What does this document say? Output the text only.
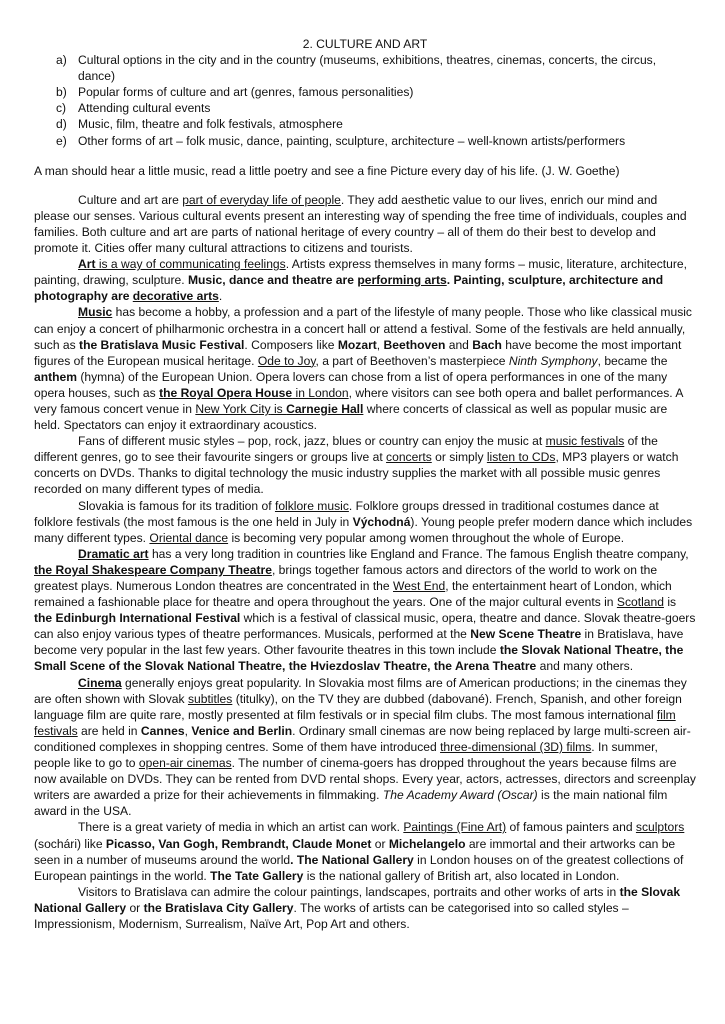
2. CULTURE AND ART
a) Cultural options in the city and in the country (museums, exhibitions, theatres, cinemas, concerts, the circus, dance)
b) Popular forms of culture and art (genres, famous personalities)
c) Attending cultural events
d) Music, film, theatre and folk festivals, atmosphere
e) Other forms of art – folk music, dance, painting, sculpture, architecture – well-known artists/performers
A man should hear a little music, read a little poetry and see a fine Picture every day of his life. (J. W. Goethe)

Culture and art are part of everyday life of people. They add aesthetic value to our lives, enrich our mind and please our senses. Various cultural events present an interesting way of spending the free time of individuals, couples and families. Both culture and art are parts of national heritage of every country – all of them do their best to develop and promote it. Cities offer many cultural attractions to citizens and tourists.

Art is a way of communicating feelings. Artists express themselves in many forms – music, literature, architecture, painting, drawing, sculpture. Music, dance and theatre are performing arts. Painting, sculpture, architecture and photography are decorative arts.

Music has become a hobby, a profession and a part of the lifestyle of many people. Those who like classical music can enjoy a concert of philharmonic orchestra in a concert hall or attend a festival. Some of the festivals are held annually, such as the Bratislava Music Festival. Composers like Mozart, Beethoven and Bach have become the most important figures of the European musical heritage. Ode to Joy, a part of Beethoven’s masterpiece Ninth Symphony, became the anthem (hymna) of the European Union. Opera lovers can chose from a list of opera performances in one of the many opera houses, such as the Royal Opera House in London, where visitors can see both opera and ballet performances. A very famous concert venue in New York City is Carnegie Hall where concerts of classical as well as popular music are held. Spectators can enjoy it extraordinary acoustics.

Fans of different music styles – pop, rock, jazz, blues or country can enjoy the music at music festivals of the different genres, go to see their favourite singers or groups live at concerts or simply listen to CDs, MP3 players or watch concerts on DVDs. Thanks to digital technology the music industry supplies the market with all possible music genres recorded on many different types of media.

Slovakia is famous for its tradition of folklore music. Folklore groups dressed in traditional costumes dance at folklore festivals (the most famous is the one held in July in Východná). Young people prefer modern dance which includes many different types. Oriental dance is becoming very popular among women throughout the whole of Europe.

Dramatic art has a very long tradition in countries like England and France. The famous English theatre company, the Royal Shakespeare Company Theatre, brings together famous actors and directors of the world to work on the greatest plays. Numerous London theatres are concentrated in the West End, the entertainment heart of London, which remained a fashionable place for theatre and opera throughout the years. One of the major cultural events in Scotland is the Edinburgh International Festival which is a festival of classical music, opera, theatre and dance. Slovak theatre-goers can also enjoy various types of theatre performances. Musicals, performed at the New Scene Theatre in Bratislava, have become very popular in the last few years. Other favourite theatres in this town include the Slovak National Theatre, the Small Scene of the Slovak National Theatre, the Hviezdoslav Theatre, the Arena Theatre and many others.

Cinema generally enjoys great popularity. In Slovakia most films are of American productions; in the cinemas they are often shown with Slovak subtitles (titulky), on the TV they are dubbed (dabované). French, Spanish, and other foreign language film are quite rare, mostly presented at film festivals or in special film clubs. The most famous international film festivals are held in Cannes, Venice and Berlin. Ordinary small cinemas are now being replaced by large multi-screen air-conditioned complexes in shopping centres. Some of them have introduced three-dimensional (3D) films. In summer, people like to go to open-air cinemas. The number of cinema-goers has dropped throughout the years because films are now available on DVDs. They can be rented from DVD rental shops. Every year, actors, actresses, directors and screenplay writers are awarded a prize for their achievements in filmmaking. The Academy Award (Oscar) is the main national film award in the USA.

There is a great variety of media in which an artist can work. Paintings (Fine Art) of famous painters and sculptors (sochári) like Picasso, Van Gogh, Rembrandt, Claude Monet or Michelangelo are immortal and their artworks can be seen in a number of museums around the world. The National Gallery in London houses on of the greatest collections of European paintings in the world. The Tate Gallery is the national gallery of British art, also located in London.

Visitors to Bratislava can admire the colour paintings, landscapes, portraits and other works of arts in the Slovak National Gallery or the Bratislava City Gallery. The works of artists can be categorised into so called styles – Impressionism, Modernism, Surrealism, Naïve Art, Pop Art and others.
